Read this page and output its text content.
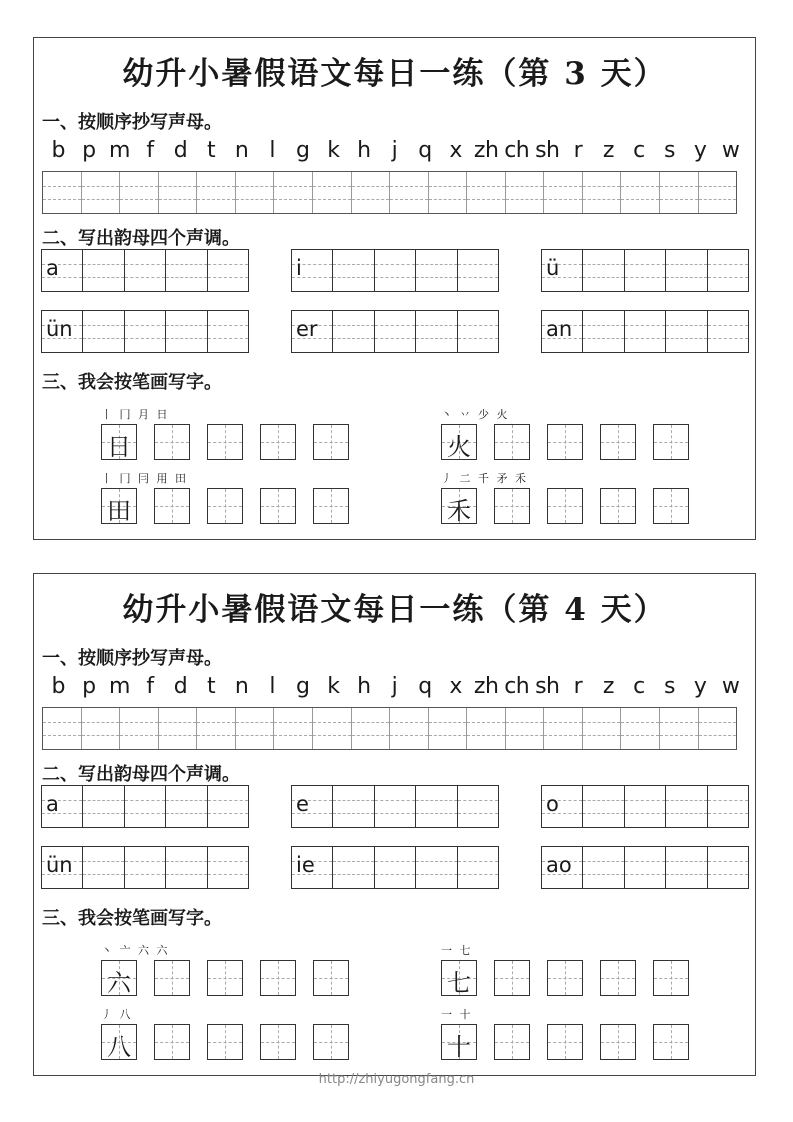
幼升小暑假语文每日一练（第 3 天）
一、按顺序抄写声母。
二、写出韵母四个声调。
三、我会按笔画写字。
b p m f d t n l g k h j q x zh ch sh r z c s y w
a	i	ü
ün	er	an
丨 冂 月 日
日
丶 丷 少 火
火
丨 冂 冃 用 田
田
丿 二 千 矛 禾
禾
幼升小暑假语文每日一练（第 4 天）
一、按顺序抄写声母。
二、写出韵母四个声调。
三、我会按笔画写字。
b p m f d t n l g k h j q x zh ch sh r z c s y w
a	e	o
ün	ie	ao
丶 亠 六 六
六
一 七
七
丿 八
八
一 十
十
http://zhiyugongfang.cn
